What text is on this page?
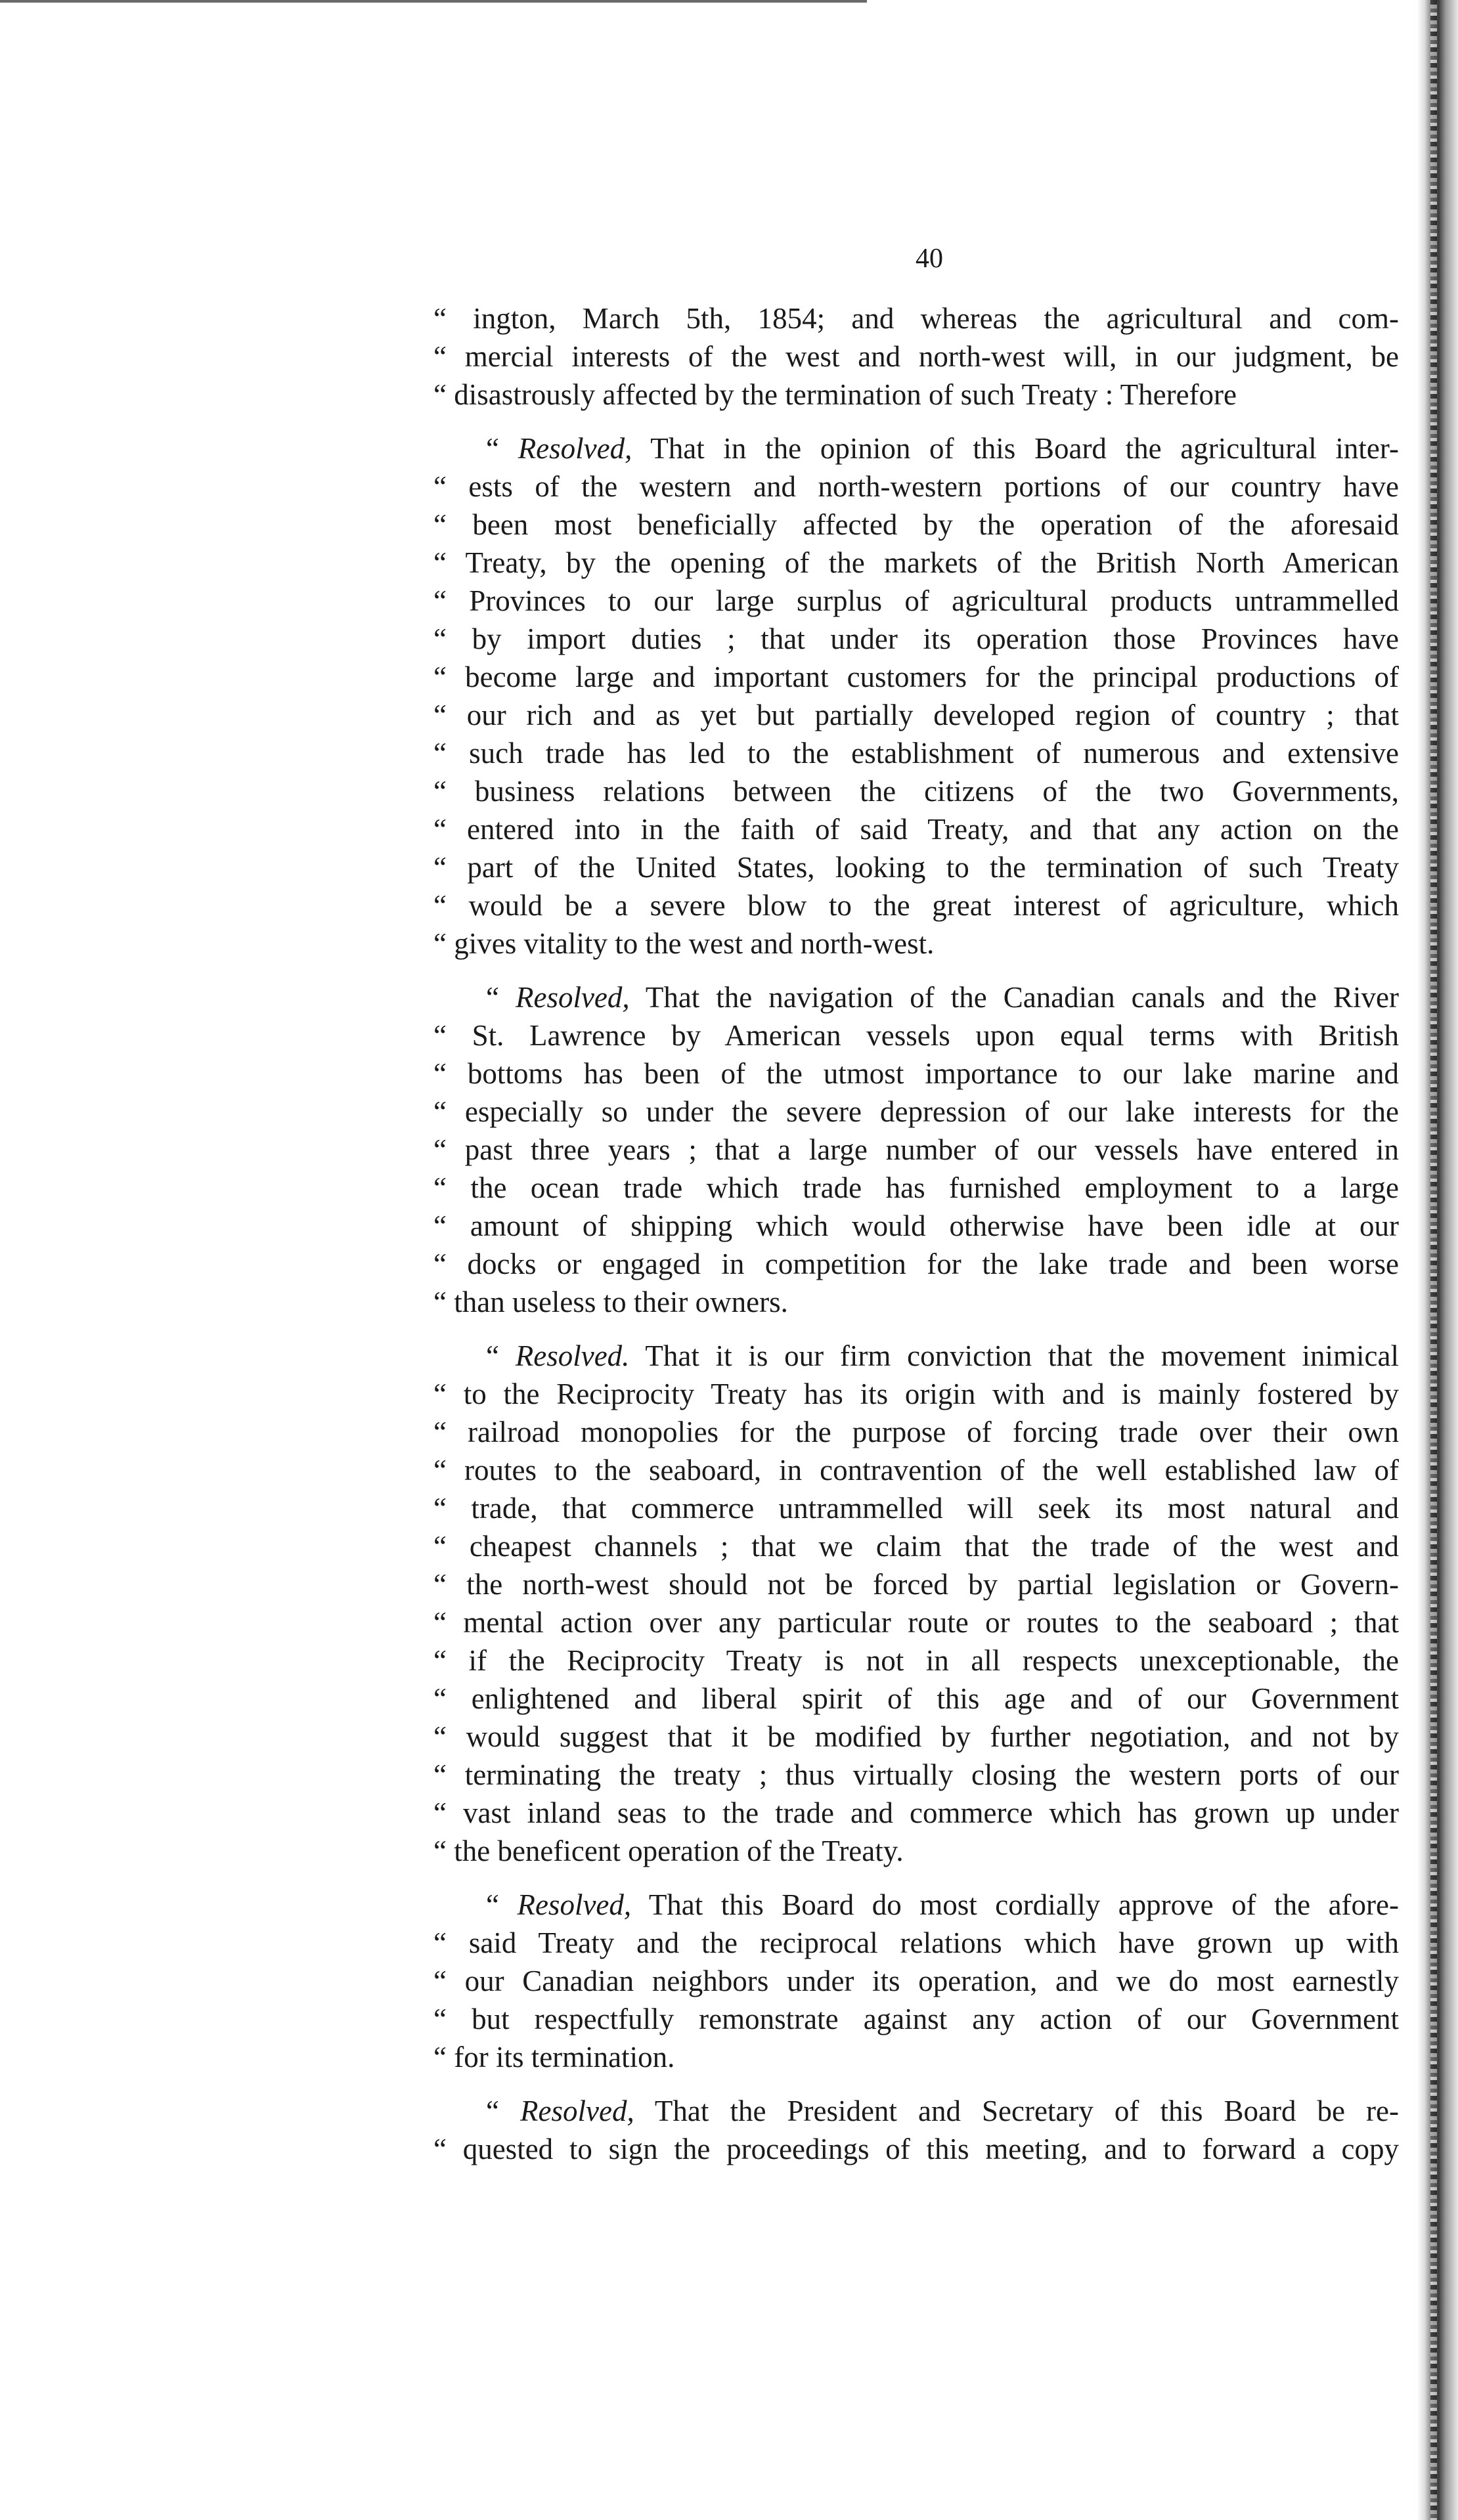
40
“ ington, March 5th, 1854; and whereas the agricultural and com-
“ mercial interests of the west and north-west will, in our judgment, be
“ disastrously affected by the termination of such Treaty : Therefore
“ Resolved, That in the opinion of this Board the agricultural inter-
“ ests of the western and north-western portions of our country have
“ been most beneficially affected by the operation of the aforesaid
“ Treaty, by the opening of the markets of the British North American
“ Provinces to our large surplus of agricultural products untrammelled
“ by import duties ; that under its operation those Provinces have
“ become large and important customers for the principal productions of
“ our rich and as yet but partially developed region of country ; that
“ such trade has led to the establishment of numerous and extensive
“ business relations between the citizens of the two Governments,
“ entered into in the faith of said Treaty, and that any action on the
“ part of the United States, looking to the termination of such Treaty
“ would be a severe blow to the great interest of agriculture, which
“ gives vitality to the west and north-west.
“ Resolved, That the navigation of the Canadian canals and the River
“ St. Lawrence by American vessels upon equal terms with British
“ bottoms has been of the utmost importance to our lake marine and
“ especially so under the severe depression of our lake interests for the
“ past three years ; that a large number of our vessels have entered in
“ the ocean trade which trade has furnished employment to a large
“ amount of shipping which would otherwise have been idle at our
“ docks or engaged in competition for the lake trade and been worse
“ than useless to their owners.
“ Resolved. That it is our firm conviction that the movement inimical
“ to the Reciprocity Treaty has its origin with and is mainly fostered by
“ railroad monopolies for the purpose of forcing trade over their own
“ routes to the seaboard, in contravention of the well established law of
“ trade, that commerce untrammelled will seek its most natural and
“ cheapest channels ; that we claim that the trade of the west and
“ the north-west should not be forced by partial legislation or Govern-
“ mental action over any particular route or routes to the seaboard ; that
“ if the Reciprocity Treaty is not in all respects unexceptionable, the
“ enlightened and liberal spirit of this age and of our Government
“ would suggest that it be modified by further negotiation, and not by
“ terminating the treaty ; thus virtually closing the western ports of our
“ vast inland seas to the trade and commerce which has grown up under
“ the beneficent operation of the Treaty.
“ Resolved, That this Board do most cordially approve of the afore-
“ said Treaty and the reciprocal relations which have grown up with
“ our Canadian neighbors under its operation, and we do most earnestly
“ but respectfully remonstrate against any action of our Government
“ for its termination.
“ Resolved, That the President and Secretary of this Board be re-
“ quested to sign the proceedings of this meeting, and to forward a copy
